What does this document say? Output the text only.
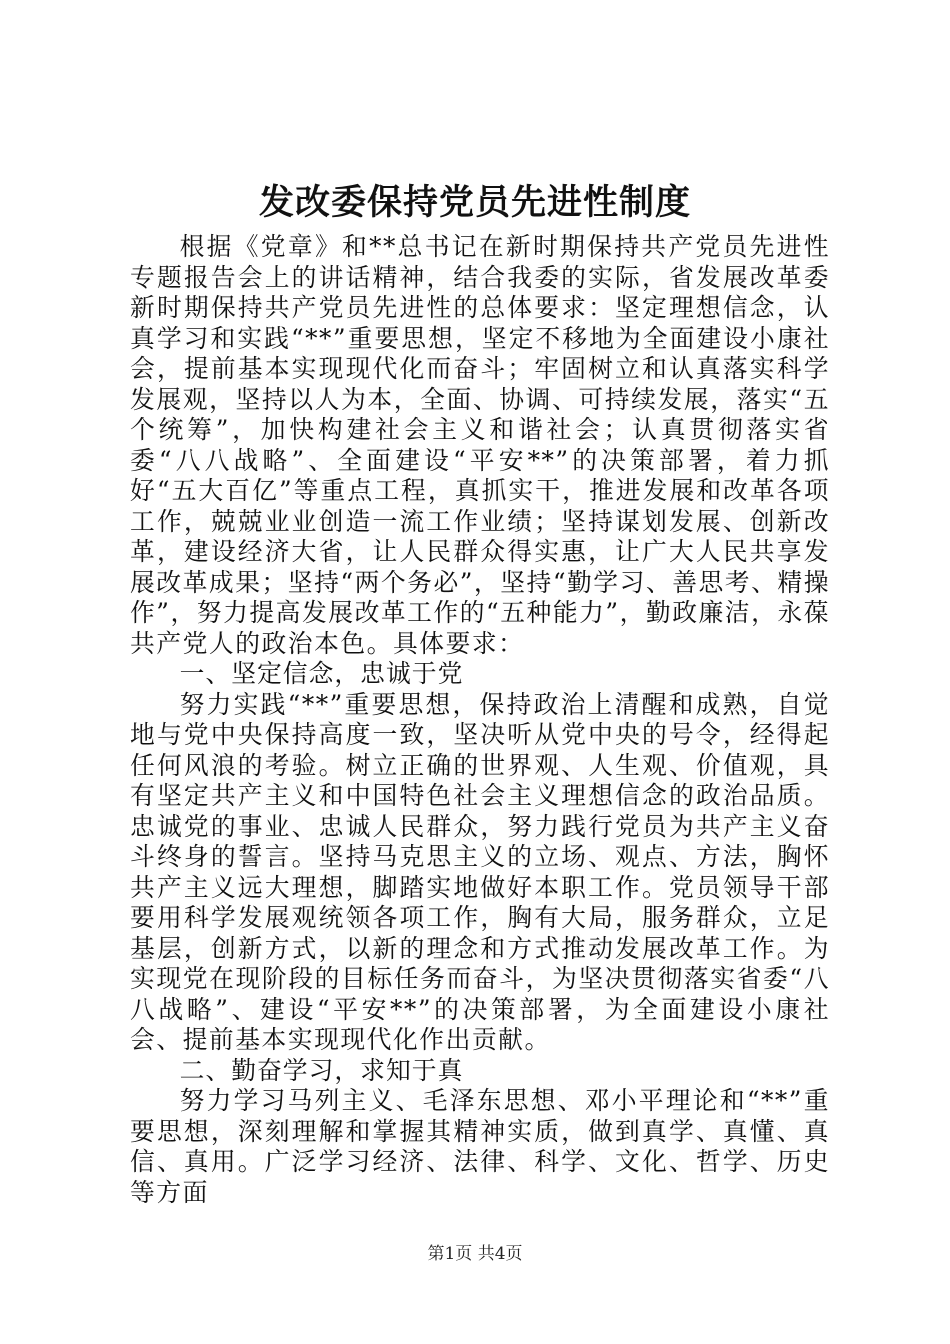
发改委保持党员先进性制度

根据《党章》和**总书记在新时期保持共产党员先进性专题报告会上的讲话精神，结合我委的实际，省发展改革委新时期保持共产党员先进性的总体要求：坚定理想信念，认真学习和实践“**”重要思想，坚定不移地为全面建设小康社会，提前基本实现现代化而奋斗；牢固树立和认真落实科学发展观，坚持以人为本，全面、协调、可持续发展，落实“五个统筹”，加快构建社会主义和谐社会；认真贯彻落实省委“八八战略”、全面建设“平安**”的决策部署，着力抓好“五大百亿”等重点工程，真抓实干，推进发展和改革各项工作，兢兢业业创造一流工作业绩；坚持谋划发展、创新改革，建设经济大省，让人民群众得实惠，让广大人民共享发展改革成果；坚持“两个务必”，坚持“勤学习、善思考、精操作”，努力提高发展改革工作的“五种能力”，勤政廉洁，永葆共产党人的政治本色。具体要求：

一、坚定信念，忠诚于党

努力实践“**”重要思想，保持政治上清醒和成熟，自觉地与党中央保持高度一致，坚决听从党中央的号令，经得起任何风浪的考验。树立正确的世界观、人生观、价值观，具有坚定共产主义和中国特色社会主义理想信念的政治品质。忠诚党的事业、忠诚人民群众，努力践行党员为共产主义奋斗终身的誓言。坚持马克思主义的立场、观点、方法，胸怀共产主义远大理想，脚踏实地做好本职工作。党员领导干部要用科学发展观统领各项工作，胸有大局，服务群众，立足基层，创新方式，以新的理念和方式推动发展改革工作。为实现党在现阶段的目标任务而奋斗，为坚决贯彻落实省委“八八战略”、建设“平安**”的决策部署，为全面建设小康社会、提前基本实现现代化作出贡献。

二、勤奋学习，求知于真

努力学习马列主义、毛泽东思想、邓小平理论和“**”重要思想，深刻理解和掌握其精神实质，做到真学、真懂、真信、真用。广泛学习经济、法律、科学、文化、哲学、历史等方面

第1页 共4页
